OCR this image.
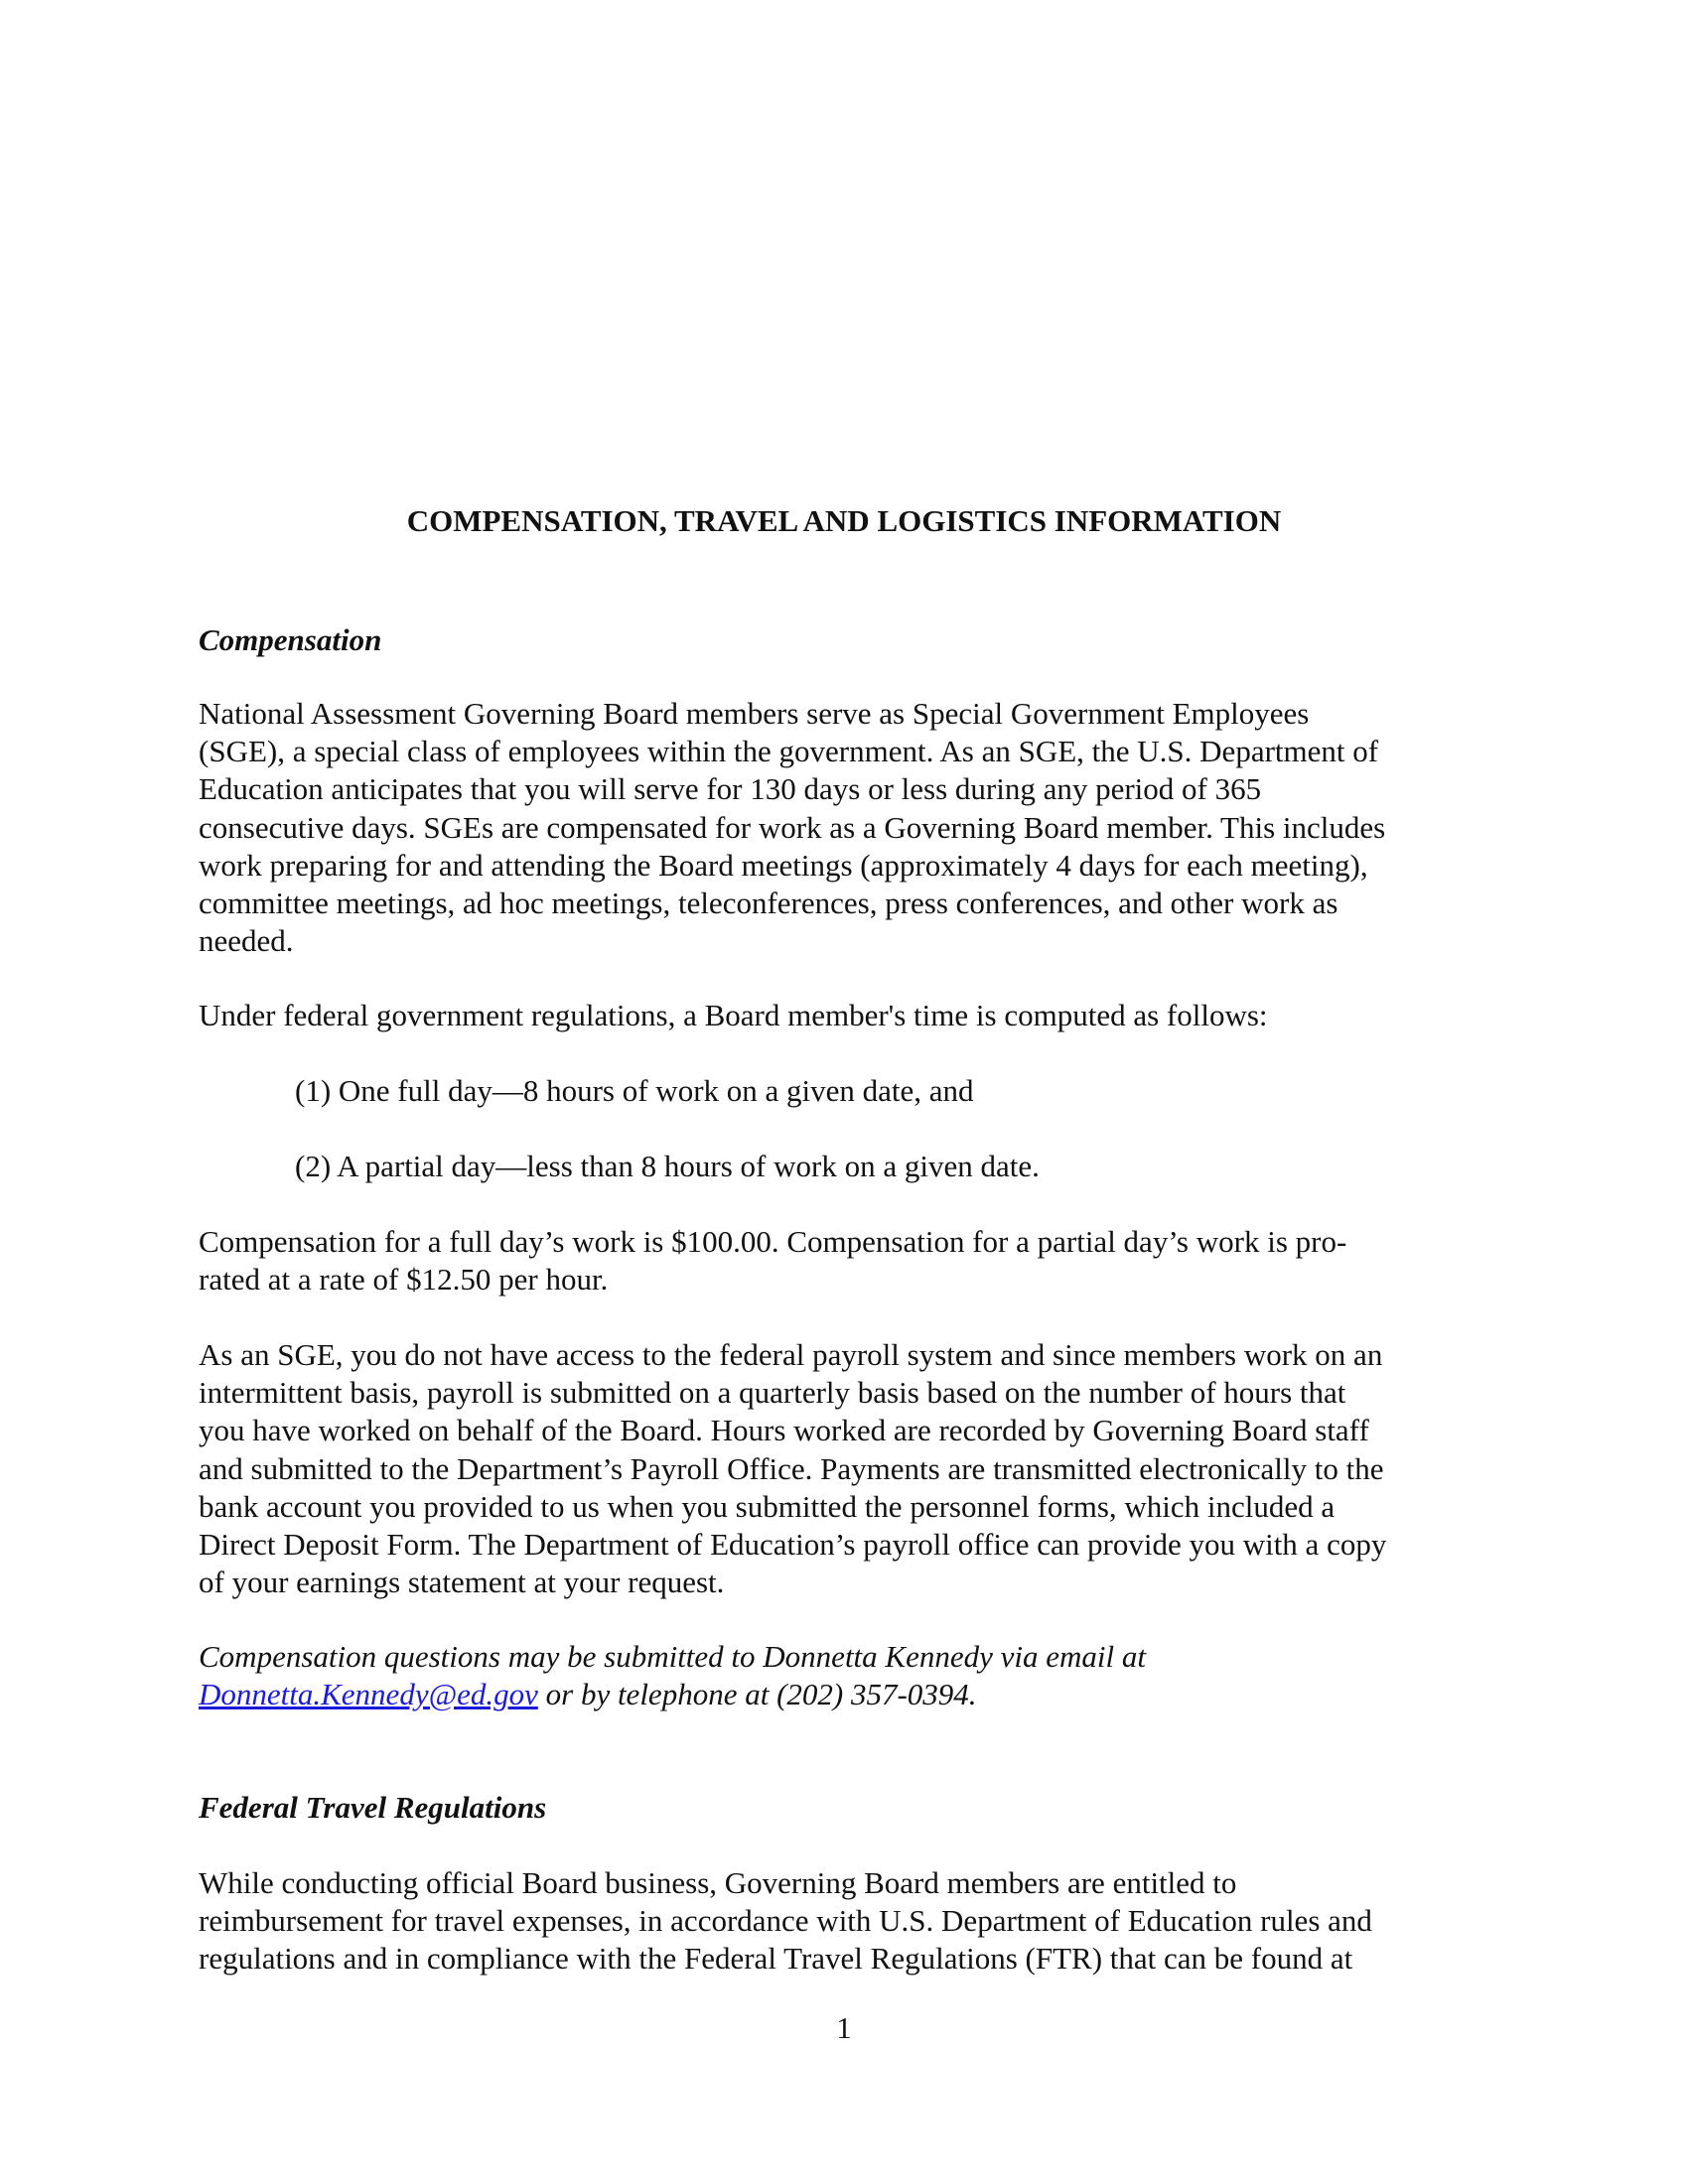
COMPENSATION, TRAVEL AND LOGISTICS INFORMATION
Compensation
National Assessment Governing Board members serve as Special Government Employees
(SGE), a special class of employees within the government. As an SGE, the U.S. Department of
Education anticipates that you will serve for 130 days or less during any period of 365
consecutive days. SGEs are compensated for work as a Governing Board member. This includes
work preparing for and attending the Board meetings (approximately 4 days for each meeting),
committee meetings, ad hoc meetings, teleconferences, press conferences, and other work as
needed.
Under federal government regulations, a Board member's time is computed as follows:
(1) One full day—8 hours of work on a given date, and
(2) A partial day—less than 8 hours of work on a given date.
Compensation for a full day’s work is $100.00. Compensation for a partial day’s work is pro-
rated at a rate of $12.50 per hour.
As an SGE, you do not have access to the federal payroll system and since members work on an
intermittent basis, payroll is submitted on a quarterly basis based on the number of hours that
you have worked on behalf of the Board. Hours worked are recorded by Governing Board staff
and submitted to the Department’s Payroll Office. Payments are transmitted electronically to the
bank account you provided to us when you submitted the personnel forms, which included a
Direct Deposit Form. The Department of Education’s payroll office can provide you with a copy
of your earnings statement at your request.
Compensation questions may be submitted to Donnetta Kennedy via email at
Donnetta.Kennedy@ed.gov or by telephone at (202) 357-0394.
Federal Travel Regulations
While conducting official Board business, Governing Board members are entitled to
reimbursement for travel expenses, in accordance with U.S. Department of Education rules and
regulations and in compliance with the Federal Travel Regulations (FTR) that can be found at
1
